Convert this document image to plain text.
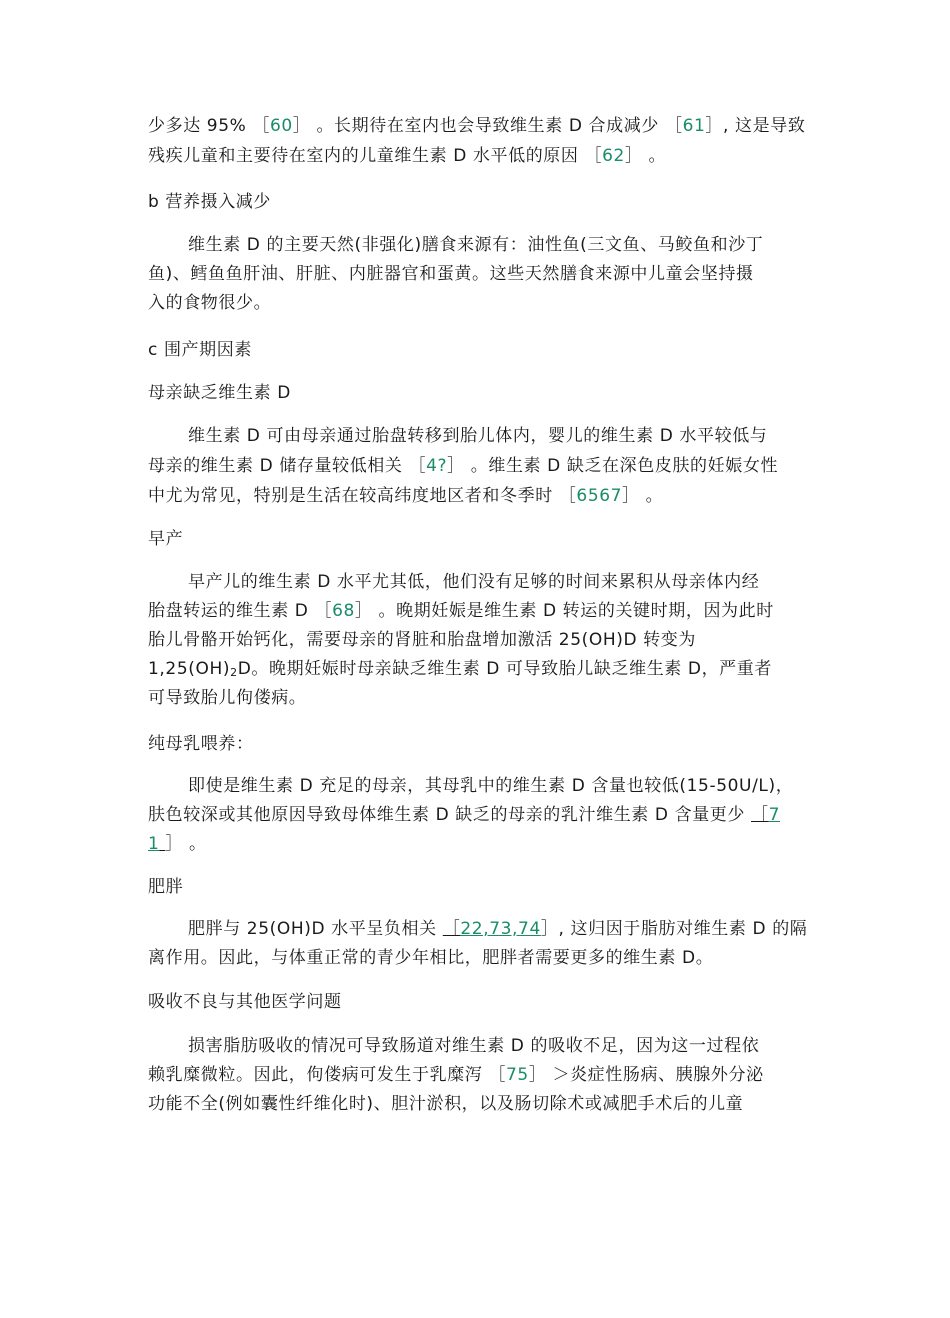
少多达 95% ［60］ 。长期待在室内也会导致维生素 D 合成减少 ［61］, 这是导致
残疾儿童和主要待在室内的儿童维生素 D 水平低的原因 ［62］ 。
b 营养摄入减少
维生素 D 的主要天然(非强化)膳食来源有：油性鱼(三文鱼、马鲛鱼和沙丁
鱼)、鳕鱼鱼肝油、肝脏、内脏器官和蛋黄。这些天然膳食来源中儿童会坚持摄
入的食物很少。
c 围产期因素
母亲缺乏维生素 D
维生素 D 可由母亲通过胎盘转移到胎儿体内，婴儿的维生素 D 水平较低与
母亲的维生素 D 储存量较低相关 ［4?］ 。维生素 D 缺乏在深色皮肤的妊娠女性
中尤为常见，特别是生活在较高纬度地区者和冬季时 ［6567］ 。
早产
早产儿的维生素 D 水平尤其低，他们没有足够的时间来累积从母亲体内经
胎盘转运的维生素 D ［68］ 。晚期妊娠是维生素 D 转运的关键时期，因为此时
胎儿骨骼开始钙化，需要母亲的肾脏和胎盘增加激活 25(OH)D 转变为
1,25(OH)2D。晚期妊娠时母亲缺乏维生素 D 可导致胎儿缺乏维生素 D，严重者
可导致胎儿佝偻病。
纯母乳喂养：
即使是维生素 D 充足的母亲，其母乳中的维生素 D 含量也较低(15-50U/L)，
肤色较深或其他原因导致母体维生素 D 缺乏的母亲的乳汁维生素 D 含量更少 ［7
1 ］ 。
肥胖
肥胖与 25(OH)D 水平呈负相关 ［22,73,74］, 这归因于脂肪对维生素 D 的隔
离作用。因此，与体重正常的青少年相比，肥胖者需要更多的维生素 D。
吸收不良与其他医学问题
损害脂肪吸收的情况可导致肠道对维生素 D 的吸收不足，因为这一过程依
赖乳糜微粒。因此，佝偻病可发生于乳糜泻 ［75］ ＞炎症性肠病、胰腺外分泌
功能不全(例如囊性纤维化时)、胆汁淤积，以及肠切除术或减肥手术后的儿童
